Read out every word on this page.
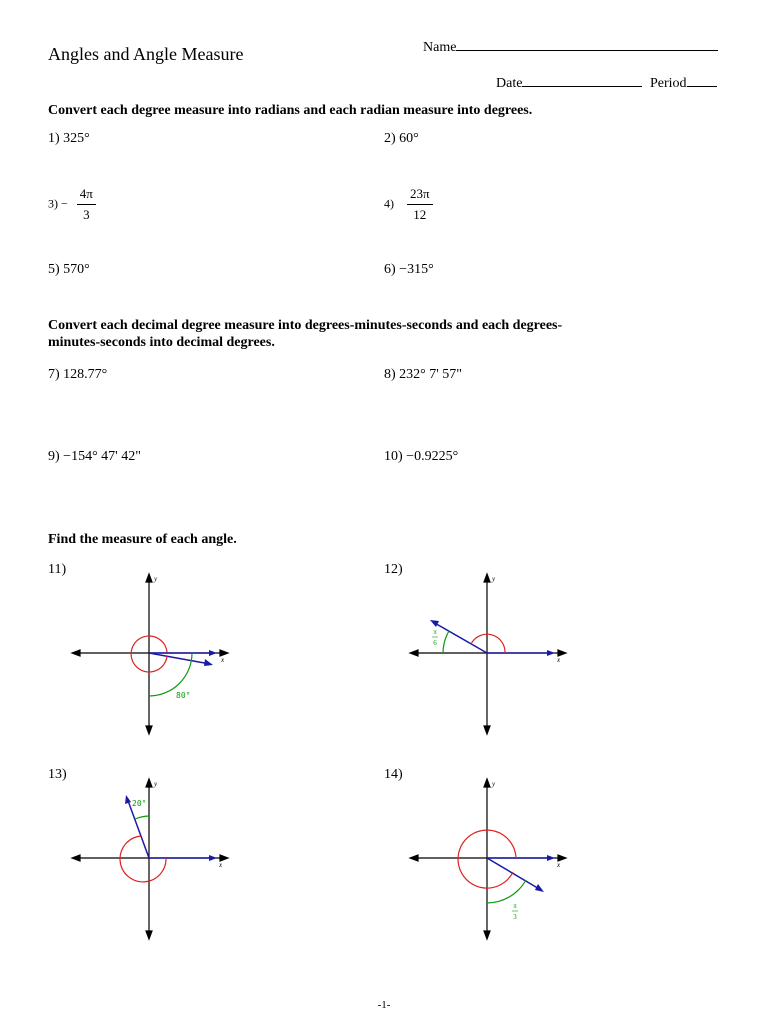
Angles and Angle Measure	Name
Date	Period
Convert each degree measure into radians and each radian measure into degrees.
1) 325°	2) 60°
$3) - \frac{4\pi}{3}$	$4) \frac{23\pi}{12}$
5) 570°	6) −315°
Convert each decimal degree measure into degrees-minutes-seconds and each degrees-minutes-seconds into decimal degrees.
7) 128.77°	8) 232° 7' 57"
9) −154° 47' 42"	10) −0.9225°
Find the measure of each angle.
11)	12)
13)	14)
x
y
80°
x
y
π
6
x
y
20°
x
y
π
3
-1-
